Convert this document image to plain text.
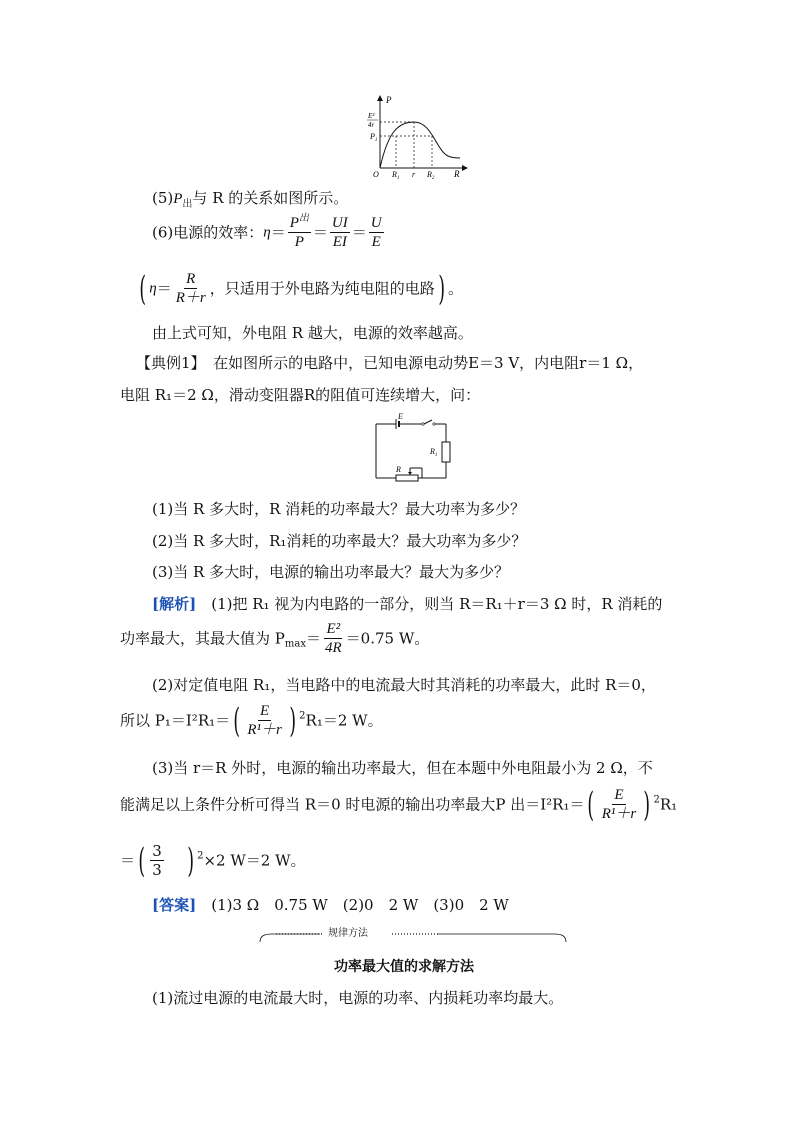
P
R
O
E²
4r
$P_1$
$R_1$ r $R_2$
$(5)P_出$与 R 的关系如图所示。
(6)电源的效率：$\eta= \frac{P^出}{P} = \frac{UI}{EI} = \frac{U}{E}$
( $\eta= \frac{R}{R+r}$ ，只适用于外电路为纯电阻的电路) 。
由上式可知，外电阻 R 越大，电源的效率越高。
【典例1】　 在如图所示的电路中，已知电源电动势E＝3 V，内电阻r＝1 Ω，
电阻 R₁＝2 Ω，滑动变阻器R的阻值可连续增大，问：
E
$R_1$
R
(1)当 R 多大时，R 消耗的功率最大？最大功率为多少？
(2)当 R 多大时，R₁消耗的功率最大？最大功率为多少？
(3)当 R 多大时，电源的输出功率最大？最大为多少？
[解析]　 (1)把 R₁ 视为内电路的一部分，则当 R＝R₁＋r＝3 Ω 时，R 消耗的
功率最大，其最大值为 $P_{max}= \frac{\text{E²}}{4R} =0.75$ W。
(2)对定值电阻 R₁，当电路中的电流最大时其消耗的功率最大，此时 R＝0，
所以 $P_1=I^2R_1=( \frac{E}{\text{R¹＋r}}$ ) $^2$R₁＝2 W。
(3)当 r＝R 外时，电源的输出功率最大，但在本题中外电阻最小为 2 Ω，不
能满足以上条件分析可得当 R＝0 时电源的输出功率最大P 出$=I^2R_1=( \frac{E}{\text{R¹＋r}}$ ) $^2$R₁
＝( $\frac{3}{3}$ ) $^2$×2 W＝2 W。
[答案]　 (1)3 Ω　0.75 W　(2)0　2 W　(3)0　2 W
规律方法
功率最大值的求解方法
(1)流过电源的电流最大时，电源的功率、内损耗功率均最大。
